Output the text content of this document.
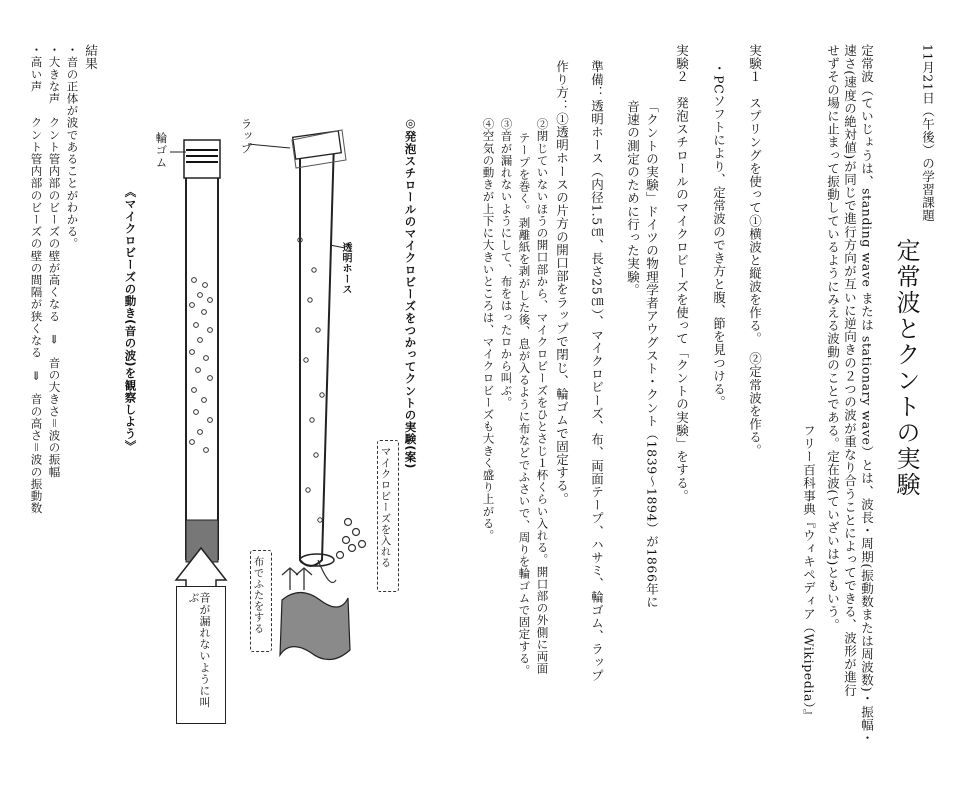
定常波とクントの実験
11月21日（午後）の学習課題
定常波（ていじょうは、standing wave または stationary wave）とは、波長・周期(振動数または周波数)・振幅・
速さ(速度の絶対値)が同じで進行方向が互いに逆向きの２つの波が重なり合うことによってできる、波形が進行
せずその場に止まって振動しているようにみえる波動のことである。定在波(ていざいは)ともいう。
フリー百科事典『ウィキペディア（Wikipedia）』
実験１　スプリングを使って①横波と縦波を作る。　②定常波を作る。
・PCソフトにより、定常波のでき方と腹、節を見つける。
実験２　発泡スチロールのマイクロビーズを使って「クントの実験」をする。
「クントの実験」ドイツの物理学者アウグスト・クント（1839〜1894）が1866年に
音速の測定のために行った実験。
準備：透明ホース（内径1.5㎝、長さ25㎝）、マイクロビーズ、布、両面テープ、ハサミ、輪ゴム、ラップ
作り方：①透明ホースの片方の開口部をラップで閉じ、輪ゴムで固定する。
②閉じていないほうの開口部から、マイクロビーズをひとさじ１杯くらい入れる。開口部の外側に両面
テープを巻く。剥離紙を剥がした後、息が入るように布などでふさいで、周りを輪ゴムで固定する。
③音が漏れないようにして、布をはったロから叫ぶ。
④空気の動きが上下に大きいところは、マイクロビーズも大きく盛り上がる。
◎発泡スチロールのマイクロビーズをつかってクントの実験(案)
《マイクロビーズの動き(音の波)を観察しよう》	透明ホース
ラップ
輪ゴム
マイクロビーズを入れる
布でふたをする
音が漏れないように叫ぶ
結果
・音の正体が波であることがわかる。
・大きな声　クント管内部のビーズの壁が高くなる　⇒　音の大きさ＝波の振幅
・高い声　　クント管内部のビーズの壁の間隔が狭くなる　⇒　音の高さ＝波の振動数
